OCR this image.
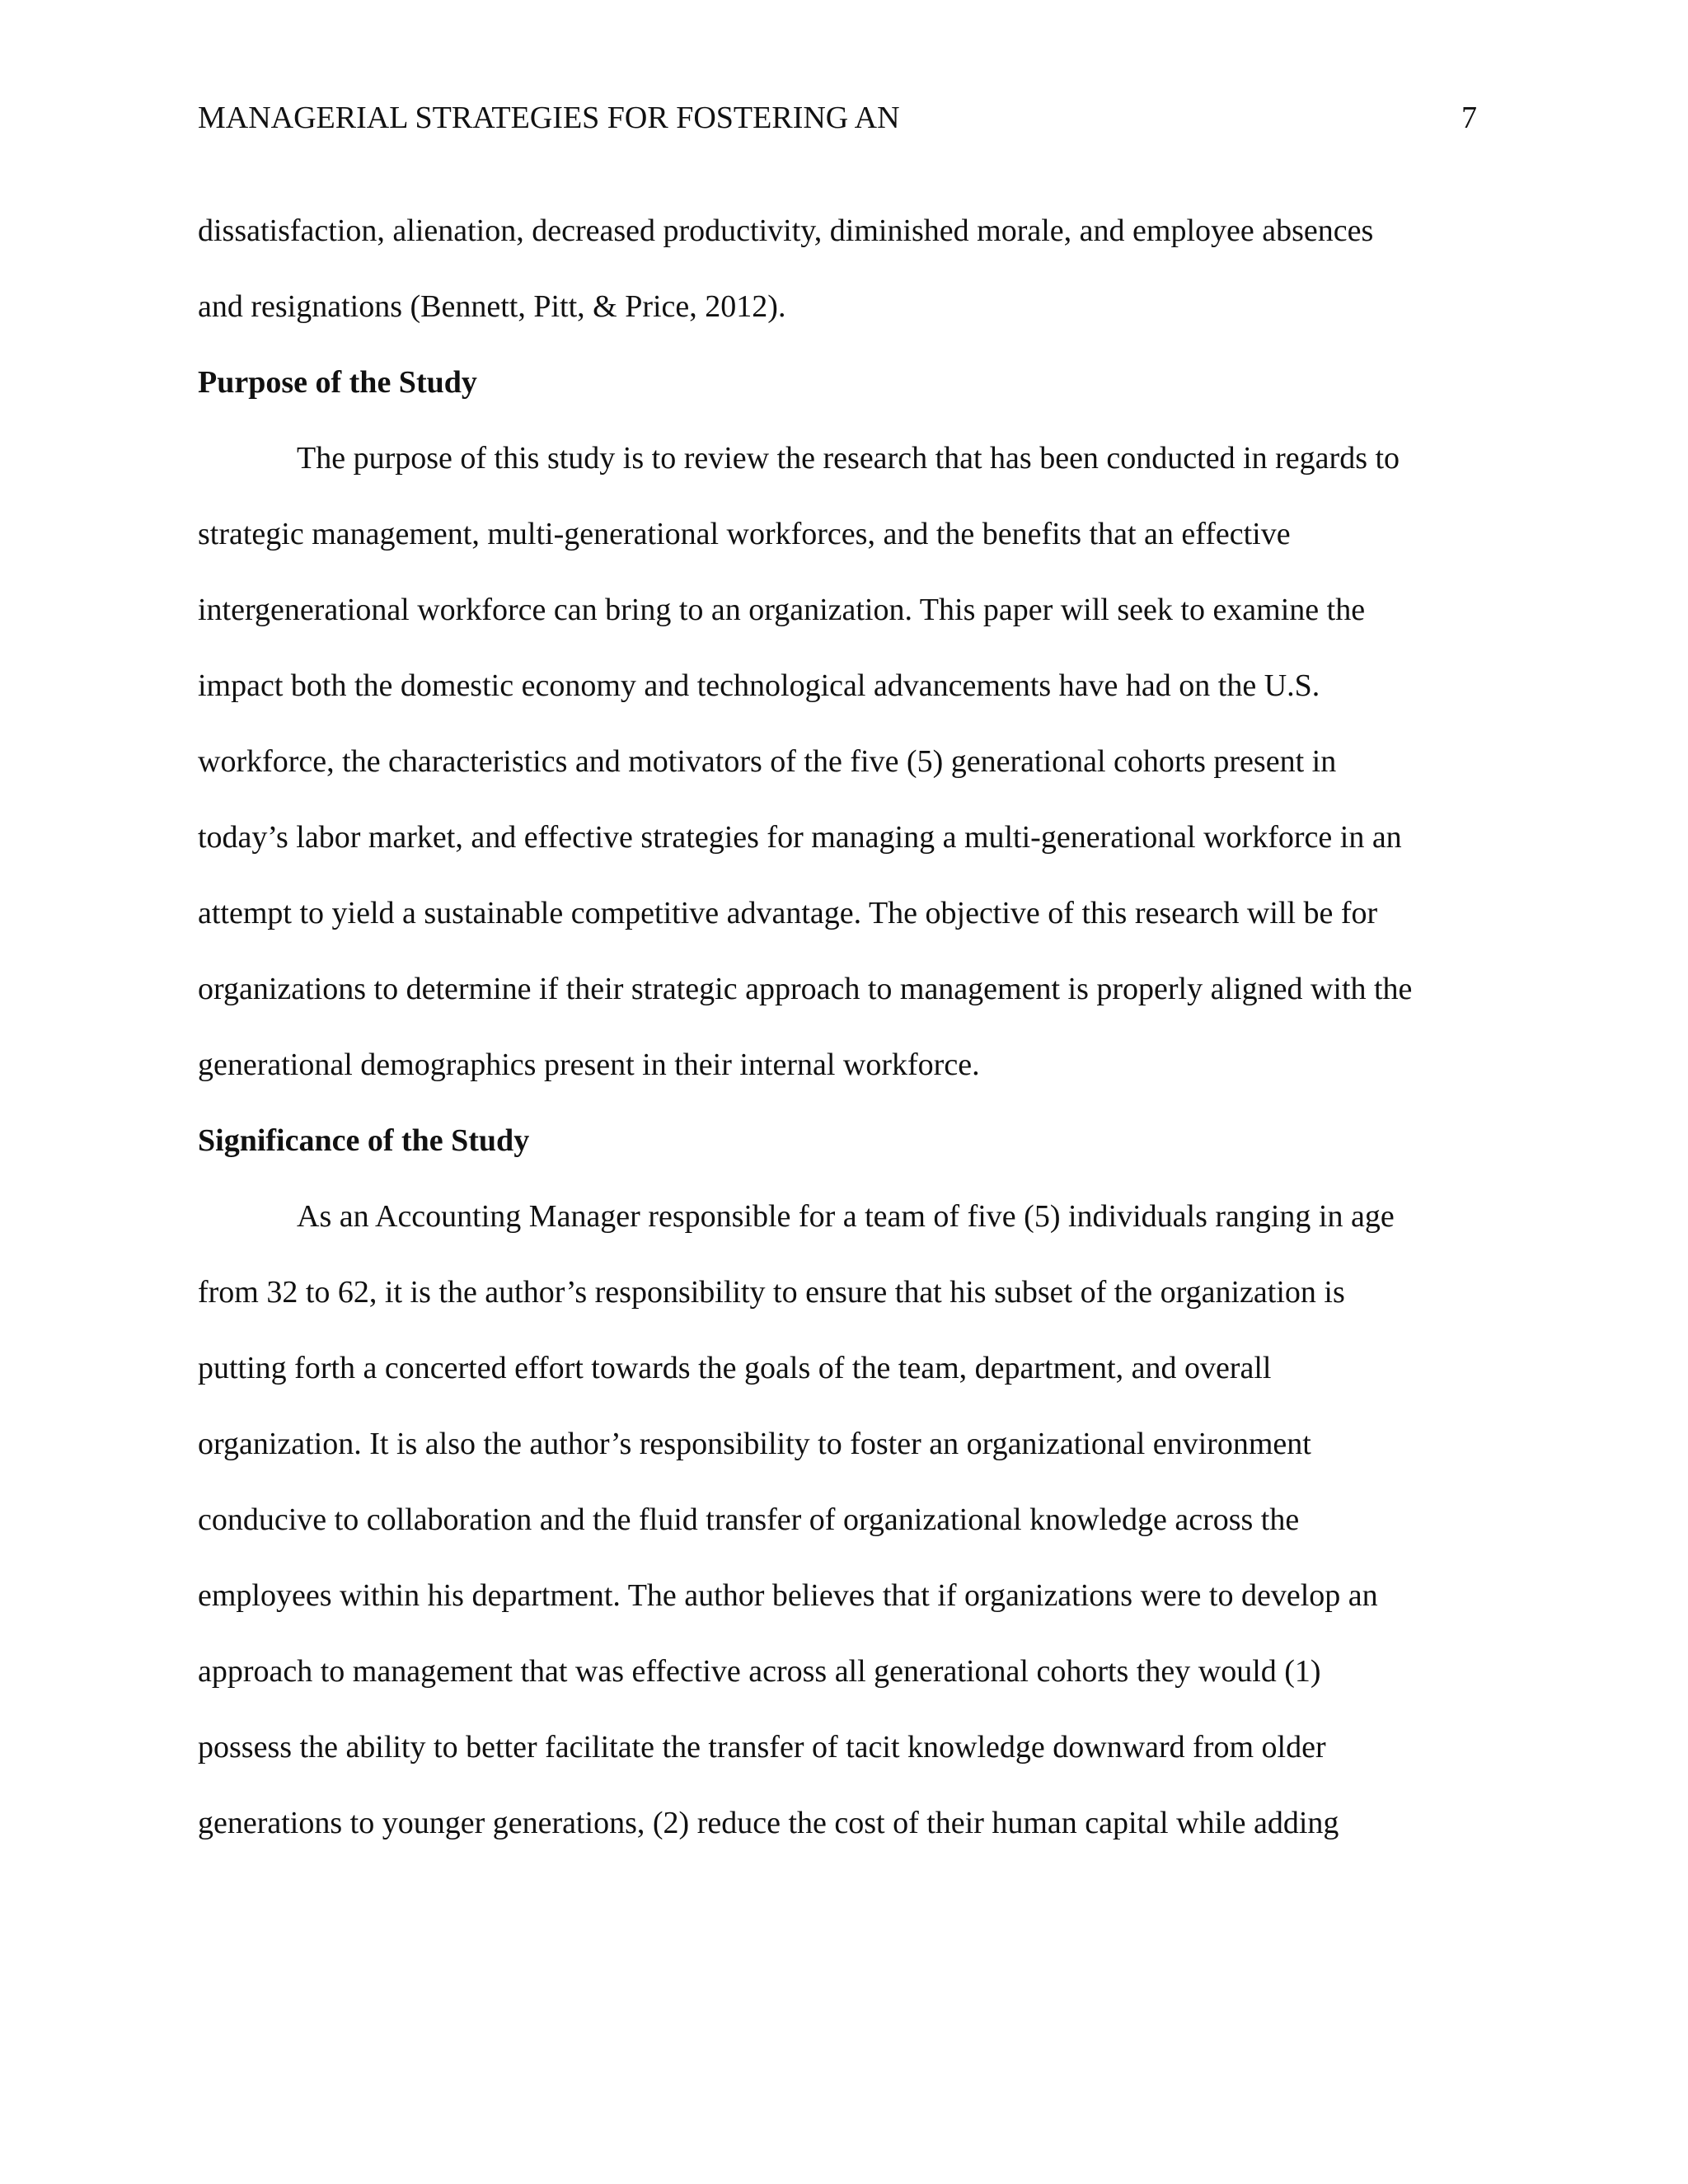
MANAGERIAL STRATEGIES FOR FOSTERING AN	7
dissatisfaction, alienation, decreased productivity, diminished morale, and employee absences
and resignations (Bennett, Pitt, & Price, 2012).
Purpose of the Study
The purpose of this study is to review the research that has been conducted in regards to
strategic management, multi-generational workforces, and the benefits that an effective
intergenerational workforce can bring to an organization. This paper will seek to examine the
impact both the domestic economy and technological advancements have had on the U.S.
workforce, the characteristics and motivators of the five (5) generational cohorts present in
today’s labor market, and effective strategies for managing a multi-generational workforce in an
attempt to yield a sustainable competitive advantage. The objective of this research will be for
organizations to determine if their strategic approach to management is properly aligned with the
generational demographics present in their internal workforce.
Significance of the Study
As an Accounting Manager responsible for a team of five (5) individuals ranging in age
from 32 to 62, it is the author’s responsibility to ensure that his subset of the organization is
putting forth a concerted effort towards the goals of the team, department, and overall
organization. It is also the author’s responsibility to foster an organizational environment
conducive to collaboration and the fluid transfer of organizational knowledge across the
employees within his department. The author believes that if organizations were to develop an
approach to management that was effective across all generational cohorts they would (1)
possess the ability to better facilitate the transfer of tacit knowledge downward from older
generations to younger generations, (2) reduce the cost of their human capital while adding
